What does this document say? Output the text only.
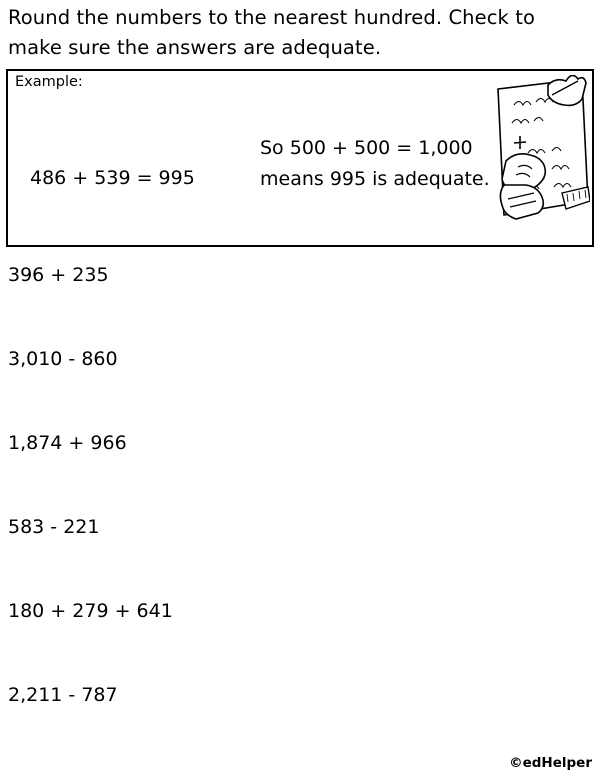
Round the numbers to the nearest hundred. Check to make sure the answers are adequate.
Example:

486 + 539 = 995

So 500 + 500 = 1,000
means 995 is adequate.
396 + 235
3,010 - 860
1,874 + 966
583 - 221
180 + 279 + 641
2,211 - 787
©edHelper
